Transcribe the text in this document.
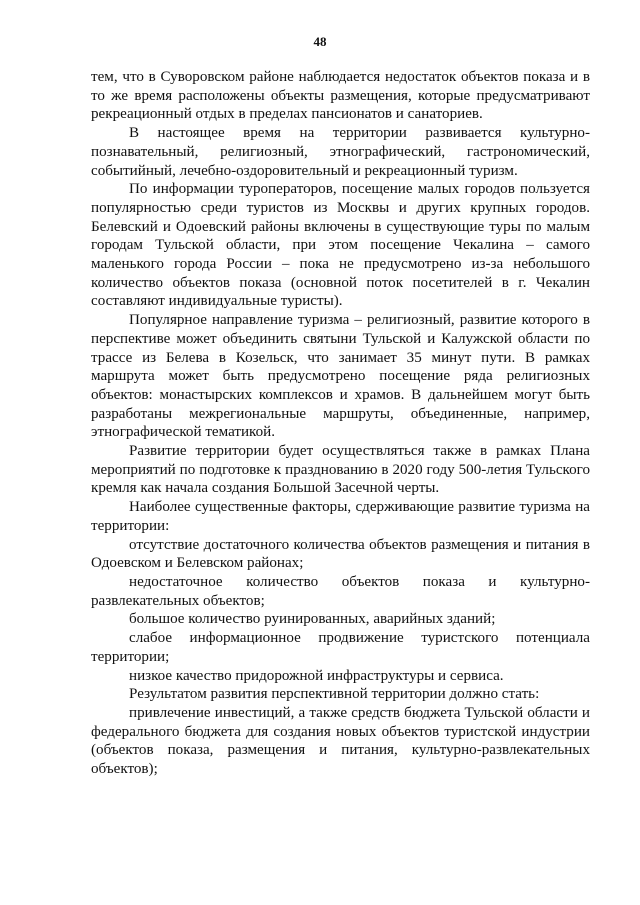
48

тем, что в Суворовском районе наблюдается недостаток объектов показа и в то же время расположены объекты размещения, которые предусматривают рекреационный отдых в пределах пансионатов и санаториев.

В настоящее время на территории развивается культурно-познавательный, религиозный, этнографический, гастрономический, событийный, лечебно-оздоровительный и рекреационный туризм.

По информации туроператоров, посещение малых городов пользуется популярностью среди туристов из Москвы и других крупных городов. Белевский и Одоевский районы включены в существующие туры по малым городам Тульской области, при этом посещение Чекалина – самого маленького города России – пока не предусмотрено из-за небольшого количество объектов показа (основной поток посетителей в г. Чекалин составляют индивидуальные туристы).

Популярное направление туризма – религиозный, развитие которого в перспективе может объединить святыни Тульской и Калужской области по трассе из Белева в Козельск, что занимает 35 минут пути. В рамках маршрута может быть предусмотрено посещение ряда религиозных объектов: монастырских комплексов и храмов. В дальнейшем могут быть разработаны межрегиональные маршруты, объединенные, например, этнографической тематикой.

Развитие территории будет осуществляться также в рамках Плана мероприятий по подготовке к празднованию в 2020 году 500-летия Тульского кремля как начала создания Большой Засечной черты.

Наиболее существенные факторы, сдерживающие развитие туризма на территории:

отсутствие достаточного количества объектов размещения и питания в Одоевском и Белевском районах;

недостаточное количество объектов показа и культурно-развлекательных объектов;

большое количество руинированных, аварийных зданий;

слабое информационное продвижение туристского потенциала территории;

низкое качество придорожной инфраструктуры и сервиса.

Результатом развития перспективной территории должно стать:

привлечение инвестиций, а также средств бюджета Тульской области и федерального бюджета для создания новых объектов туристской индустрии (объектов показа, размещения и питания, культурно-развлекательных объектов);
